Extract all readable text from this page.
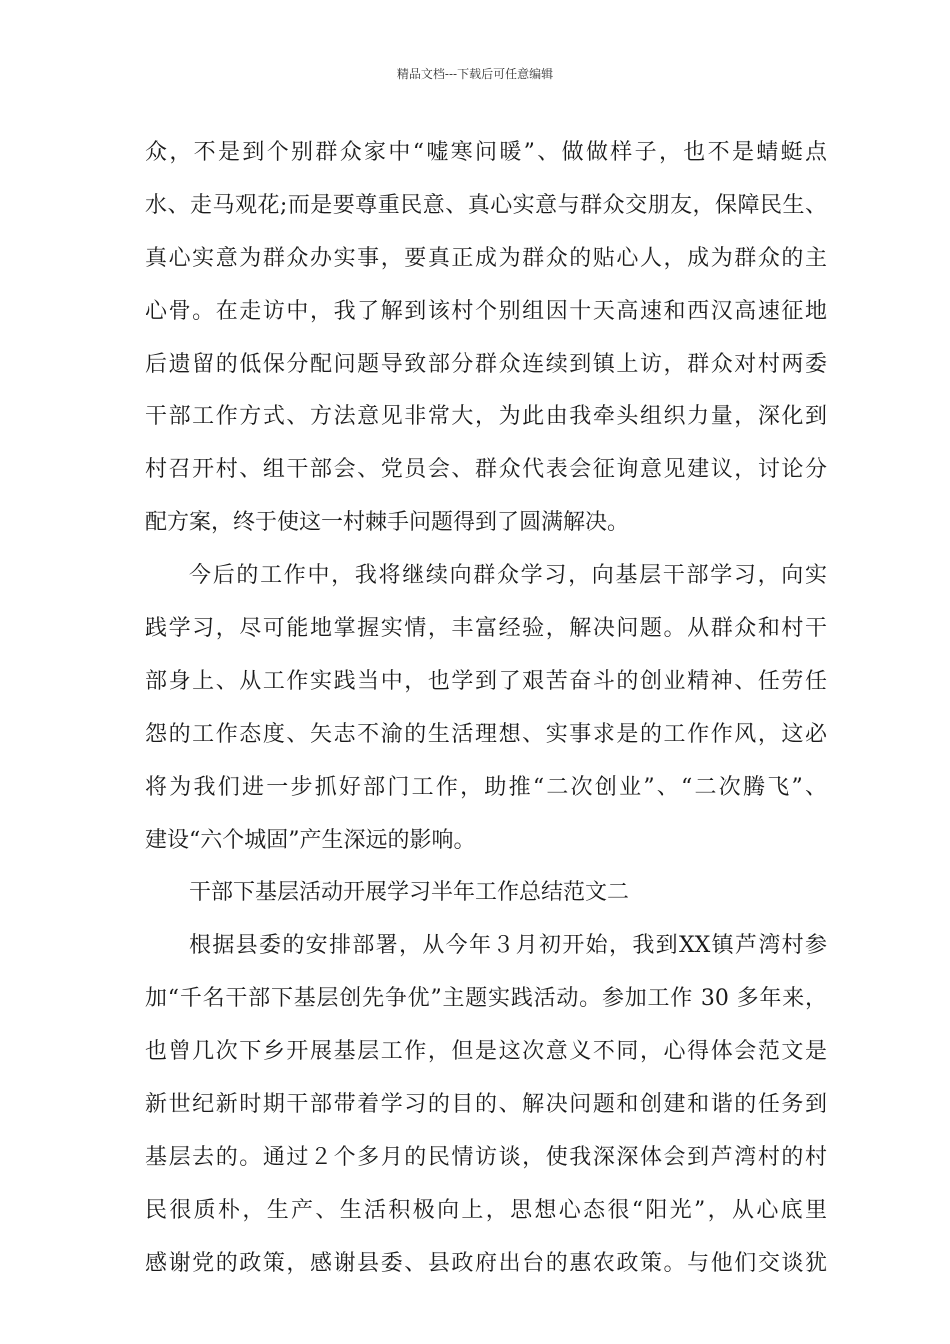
精品文档---下载后可任意编辑
众，不是到个别群众家中“嘘寒问暖”、做做样子，也不是蜻蜓点
水、走马观花;而是要尊重民意、真心实意与群众交朋友，保障民生、
真心实意为群众办实事，要真正成为群众的贴心人，成为群众的主
心骨。在走访中，我了解到该村个别组因十天高速和西汉高速征地
后遗留的低保分配问题导致部分群众连续到镇上访，群众对村两委
干部工作方式、方法意见非常大，为此由我牵头组织力量，深化到
村召开村、组干部会、党员会、群众代表会征询意见建议，讨论分
配方案，终于使这一村棘手问题得到了圆满解决。
今后的工作中，我将继续向群众学习，向基层干部学习，向实
践学习，尽可能地掌握实情，丰富经验，解决问题。从群众和村干
部身上、从工作实践当中，也学到了艰苦奋斗的创业精神、任劳任
怨的工作态度、矢志不渝的生活理想、实事求是的工作作风，这必
将为我们进一步抓好部门工作，助推“二次创业”、“二次腾飞”、
建设“六个城固”产生深远的影响。
干部下基层活动开展学习半年工作总结范文二
根据县委的安排部署，从今年３月初开始，我到XX镇芦湾村参
加“千名干部下基层创先争优”主题实践活动。参加工作 30 多年来，
也曾几次下乡开展基层工作，但是这次意义不同，心得体会范文是
新世纪新时期干部带着学习的目的、解决问题和创建和谐的任务到
基层去的。通过２个多月的民情访谈，使我深深体会到芦湾村的村
民很质朴，生产、生活积极向上，思想心态很“阳光”，从心底里
感谢党的政策，感谢县委、县政府出台的惠农政策。与他们交谈犹
